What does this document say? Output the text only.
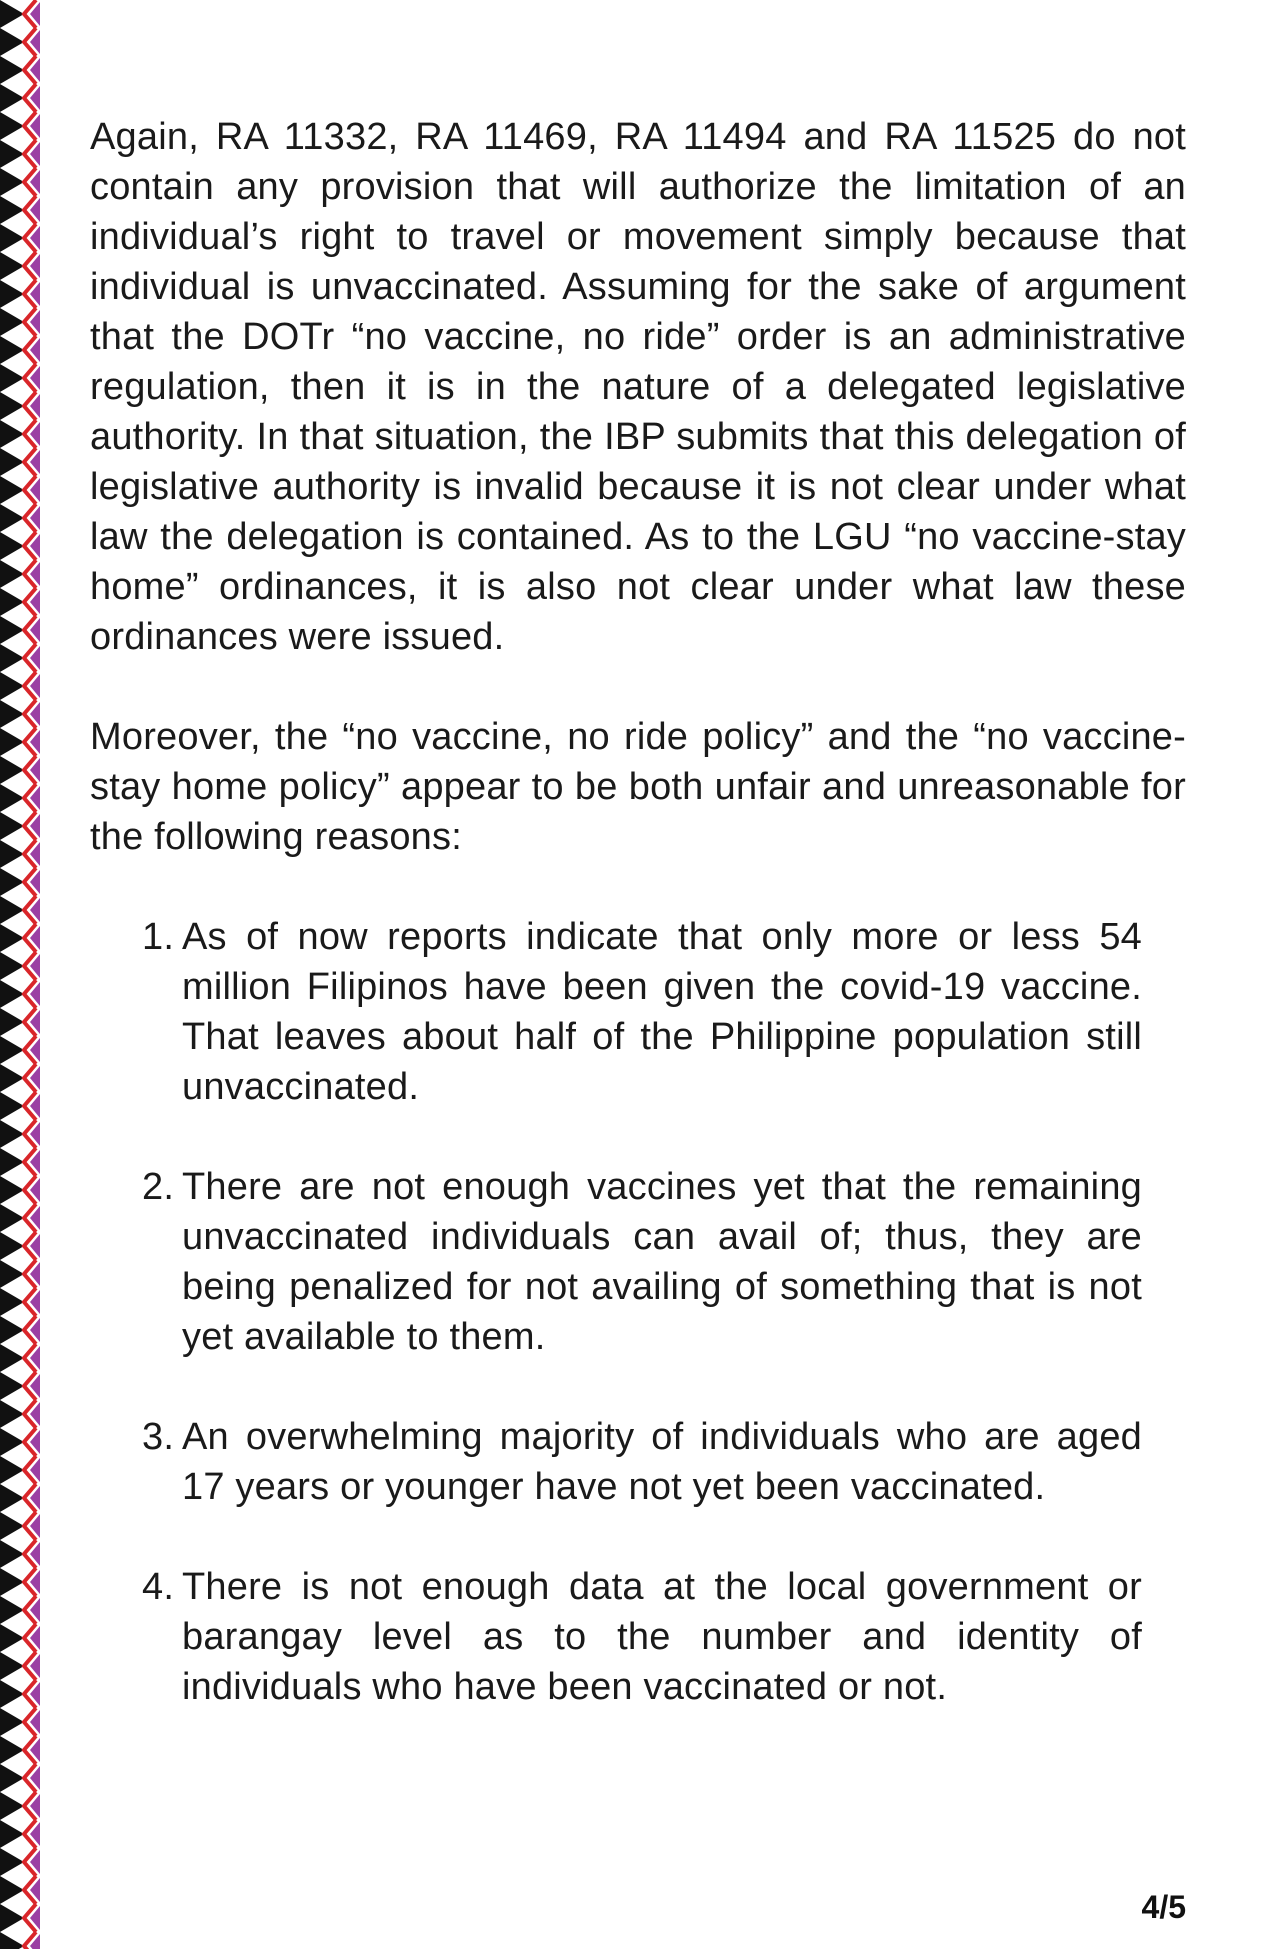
Again, RA 11332, RA 11469, RA 11494 and RA 11525 do not contain any provision that will authorize the limitation of an individual’s right to travel or movement simply because that individual is unvaccinated. Assuming for the sake of argument that the DOTr “no vaccine, no ride” order is an administrative regulation, then it is in the nature of a delegated legislative authority. In that situation, the IBP submits that this delegation of legislative authority is invalid because it is not clear under what law the delegation is contained. As to the LGU “no vaccine-stay home” ordinances, it is also not clear under what law these ordinances were issued.

Moreover, the “no vaccine, no ride policy” and the “no vaccine-stay home policy” appear to be both unfair and unreasonable for the following reasons:

1. As of now reports indicate that only more or less 54 million Filipinos have been given the covid-19 vaccine. That leaves about half of the Philippine population still unvaccinated.
2. There are not enough vaccines yet that the remaining unvaccinated individuals can avail of; thus, they are being penalized for not availing of something that is not yet available to them.
3. An overwhelming majority of individuals who are aged 17 years or younger have not yet been vaccinated.
4. There is not enough data at the local government or barangay level as to the number and identity of individuals who have been vaccinated or not.
4/5
